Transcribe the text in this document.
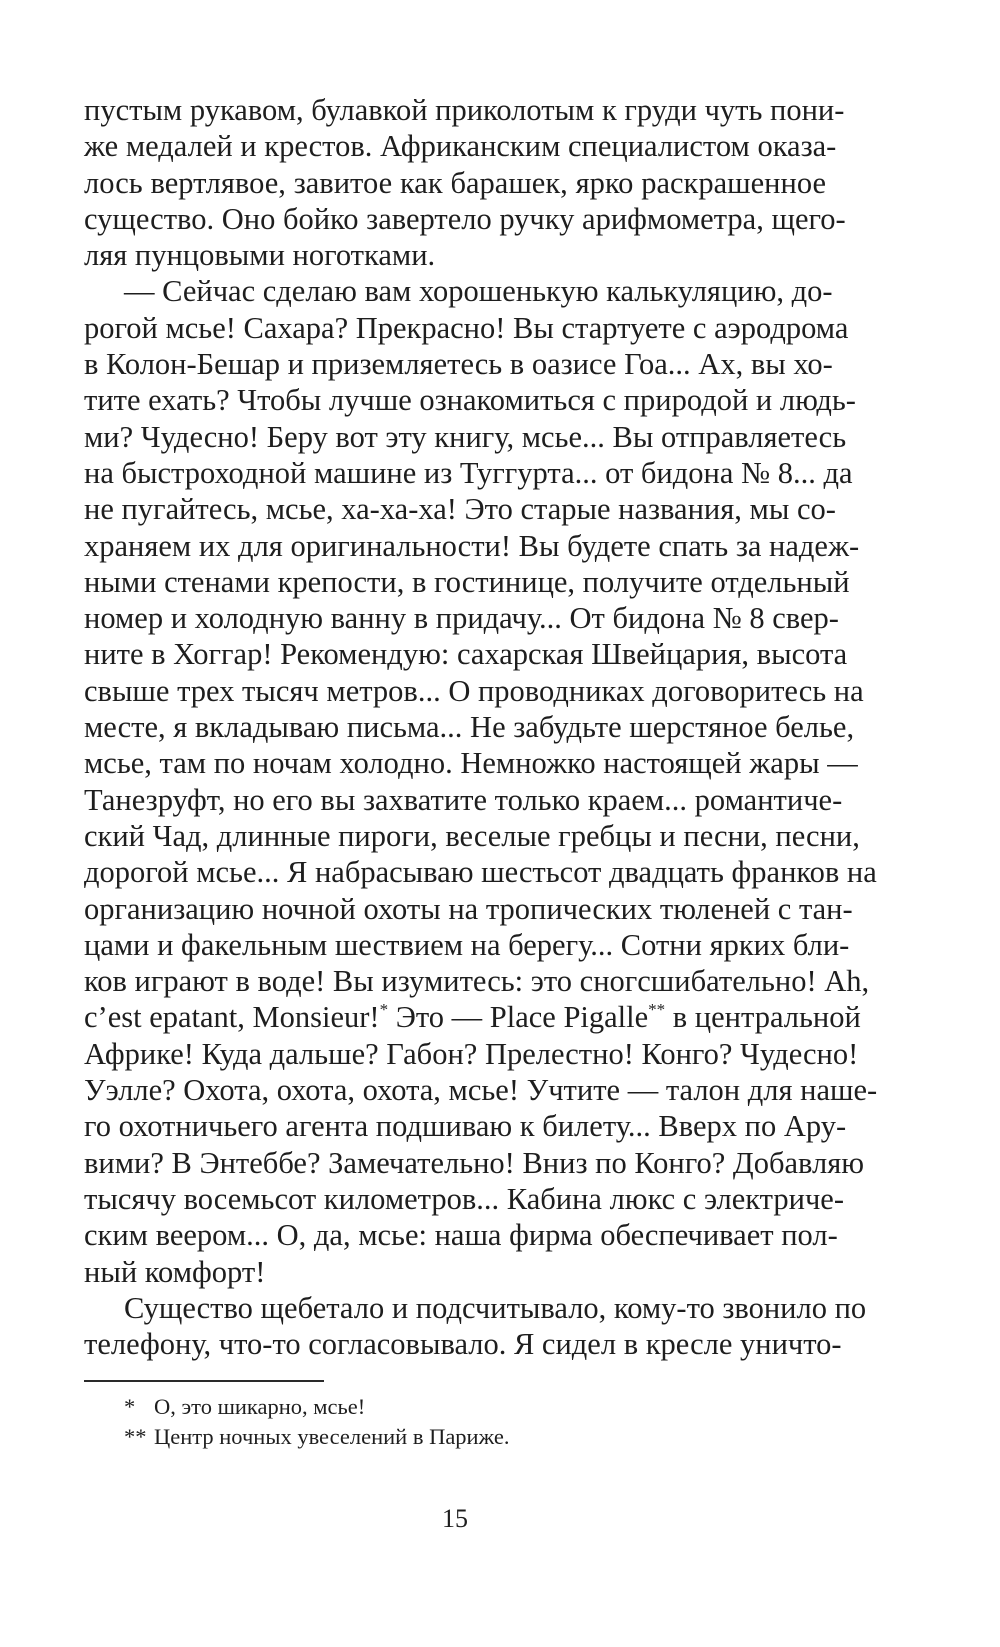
пустым рукавом, булавкой приколотым к груди чуть пони-
же медалей и крестов. Африканским специалистом оказа-
лось вертлявое, завитое как барашек, ярко раскрашенное
существо. Оно бойко завертело ручку арифмометра, щего-
ляя пунцовыми ноготками.
— Сейчас сделаю вам хорошенькую калькуляцию, до-
рогой мсье! Сахара? Прекрасно! Вы стартуете с аэродрома
в Колон-Бешар и приземляетесь в оазисе Гоа... Ах, вы хо-
тите ехать? Чтобы лучше ознакомиться с природой и людь-
ми? Чудесно! Беру вот эту книгу, мсье... Вы отправляетесь
на быстроходной машине из Туггурта... от бидона № 8... да
не пугайтесь, мсье, ха-ха-ха! Это старые названия, мы со-
храняем их для оригинальности! Вы будете спать за надеж-
ными стенами крепости, в гостинице, получите отдельный
номер и холодную ванну в придачу... От бидона № 8 свер-
ните в Хоггар! Рекомендую: сахарская Швейцария, высота
свыше трех тысяч метров... О проводниках договоритесь на
месте, я вкладываю письма... Не забудьте шерстяное белье,
мсье, там по ночам холодно. Немножко настоящей жары —
Танезруфт, но его вы захватите только краем... романтиче-
ский Чад, длинные пироги, веселые гребцы и песни, песни,
дорогой мсье... Я набрасываю шестьсот двадцать франков на
организацию ночной охоты на тропических тюленей с тан-
цами и факельным шествием на берегу... Сотни ярких бли-
ков играют в воде! Вы изумитесь: это сногсшибательно! Ah,
c’est epatant, Monsieur!* Это — Place Pigalle** в центральной
Африке! Куда дальше? Габон? Прелестно! Конго? Чудесно!
Уэлле? Охота, охота, охота, мсье! Учтите — талон для наше-
го охотничьего агента подшиваю к билету... Вверх по Ару-
вими? В Энтеббе? Замечательно! Вниз по Конго? Добавляю
тысячу восемьсот километров... Кабина люкс с электриче-
ским веером... О, да, мсье: наша фирма обеспечивает пол-
ный комфорт!
Существо щебетало и подсчитывало, кому-то звонило по
телефону, что-то согласовывало. Я сидел в кресле уничто-
* О, это шикарно, мсье!
** Центр ночных увеселений в Париже.
15
